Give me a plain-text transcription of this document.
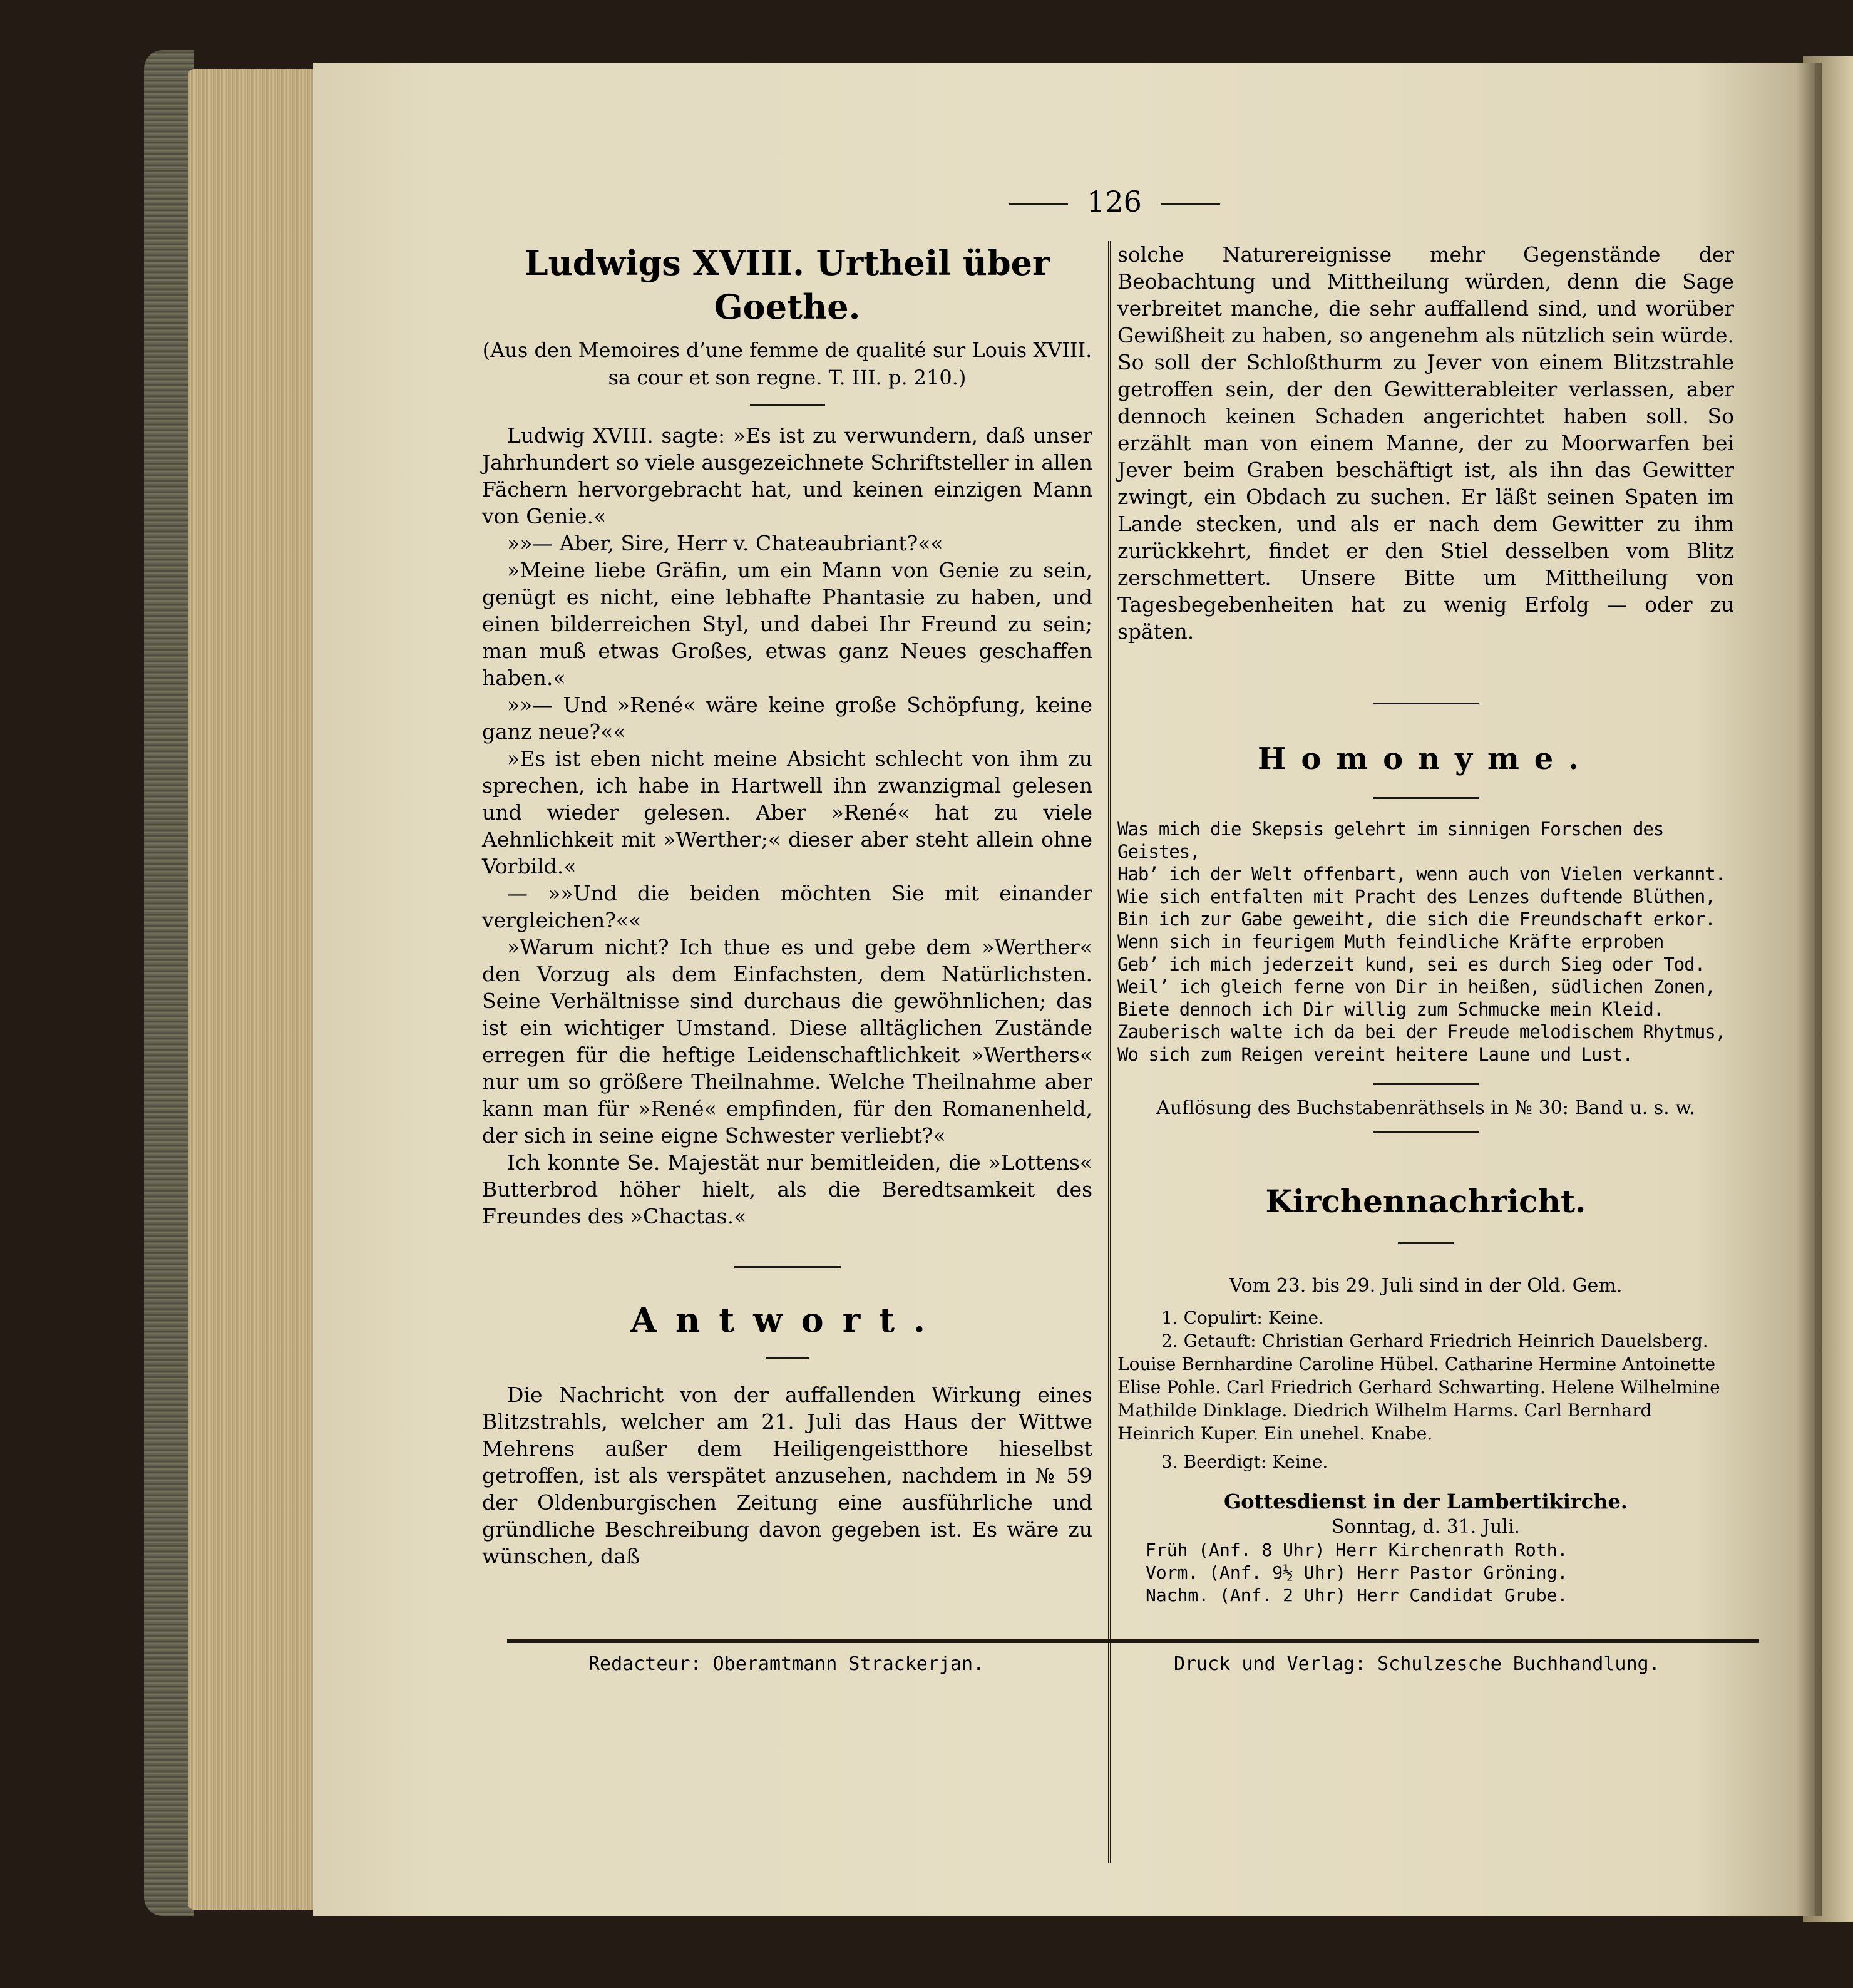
126
Ludwigs XVIII. Urtheil über Goethe.
(Aus den Memoires d’une femme de qualité sur Louis XVIII. sa cour et son regne. T. III. p. 210.)

Ludwig XVIII. sagte: »Es ist zu verwundern, daß unser Jahrhundert so viele ausgezeichnete Schriftsteller in allen Fächern hervorgebracht hat, und keinen einzigen Mann von Genie.«

»»— Aber, Sire, Herr v. Chateaubriant?««

»Meine liebe Gräfin, um ein Mann von Genie zu sein, genügt es nicht, eine lebhafte Phantasie zu haben, und einen bilderreichen Styl, und dabei Ihr Freund zu sein; man muß etwas Großes, etwas ganz Neues geschaffen haben.«

»»— Und »René« wäre keine große Schöpfung, keine ganz neue?««

»Es ist eben nicht meine Absicht schlecht von ihm zu sprechen, ich habe in Hartwell ihn zwanzigmal gelesen und wieder gelesen. Aber »René« hat zu viele Aehnlichkeit mit »Werther;« dieser aber steht allein ohne Vorbild.«

— »»Und die beiden möchten Sie mit einander vergleichen?««

»Warum nicht? Ich thue es und gebe dem »Werther« den Vorzug als dem Einfachsten, dem Natürlichsten. Seine Verhältnisse sind durchaus die gewöhnlichen; das ist ein wichtiger Umstand. Diese alltäglichen Zustände erregen für die heftige Leidenschaftlichkeit »Werthers« nur um so größere Theilnahme. Welche Theilnahme aber kann man für »René« empfinden, für den Romanenheld, der sich in seine eigne Schwester verliebt?«

Ich konnte Se. Majestät nur bemitleiden, die »Lottens« Butterbrod höher hielt, als die Beredtsamkeit des Freundes des »Chactas.«

Antwort.

Die Nachricht von der auffallenden Wirkung eines Blitzstrahls, welcher am 21. Juli das Haus der Wittwe Mehrens außer dem Heiligengeistthore hieselbst getroffen, ist als verspätet anzusehen, nachdem in № 59 der Oldenburgischen Zeitung eine ausführliche und gründliche Beschreibung davon gegeben ist. Es wäre zu wünschen, daß

solche Naturereignisse mehr Gegenstände der Beobachtung und Mittheilung würden, denn die Sage verbreitet manche, die sehr auffallend sind, und worüber Gewißheit zu haben, so angenehm als nützlich sein würde. So soll der Schloßthurm zu Jever von einem Blitzstrahle getroffen sein, der den Gewitterableiter verlassen, aber dennoch keinen Schaden angerichtet haben soll. So erzählt man von einem Manne, der zu Moorwarfen bei Jever beim Graben beschäftigt ist, als ihn das Gewitter zwingt, ein Obdach zu suchen. Er läßt seinen Spaten im Lande stecken, und als er nach dem Gewitter zu ihm zurückkehrt, findet er den Stiel desselben vom Blitz zerschmettert. Unsere Bitte um Mittheilung von Tagesbegebenheiten hat zu wenig Erfolg — oder zu späten.

Homonyme.
Was mich die Skepsis gelehrt im sinnigen Forschen des Geistes,
Hab’ ich der Welt offenbart, wenn auch von Vielen verkannt.
Wie sich entfalten mit Pracht des Lenzes duftende Blüthen,
Bin ich zur Gabe geweiht, die sich die Freundschaft erkor.
Wenn sich in feurigem Muth feindliche Kräfte erproben
Geb’ ich mich jederzeit kund, sei es durch Sieg oder Tod.
Weil’ ich gleich ferne von Dir in heißen, südlichen Zonen,
Biete dennoch ich Dir willig zum Schmucke mein Kleid.
Zauberisch walte ich da bei der Freude melodischem Rhytmus,
Wo sich zum Reigen vereint heitere Laune und Lust.
Auflösung des Buchstabenräthsels in № 30: Band u. s. w.
Kirchennachricht.
Vom 23. bis 29. Juli sind in der Old. Gem.
1. Copulirt: Keine.
2. Getauft: Christian Gerhard Friedrich Heinrich Dauelsberg. Louise Bernhardine Caroline Hübel. Catharine Hermine Antoinette Elise Pohle. Carl Friedrich Gerhard Schwarting. Helene Wilhelmine Mathilde Dinklage. Diedrich Wilhelm Harms. Carl Bernhard Heinrich Kuper. Ein unehel. Knabe.
3. Beerdigt: Keine.
Gottesdienst in der Lambertikirche.
Sonntag, d. 31. Juli.
Früh (Anf. 8 Uhr) Herr Kirchenrath Roth.
Vorm. (Anf. 9½ Uhr) Herr Pastor Gröning.
Nachm. (Anf. 2 Uhr) Herr Candidat Grube.
Redacteur: Oberamtmann Strackerjan.	Druck und Verlag: Schulzesche Buchhandlung.
